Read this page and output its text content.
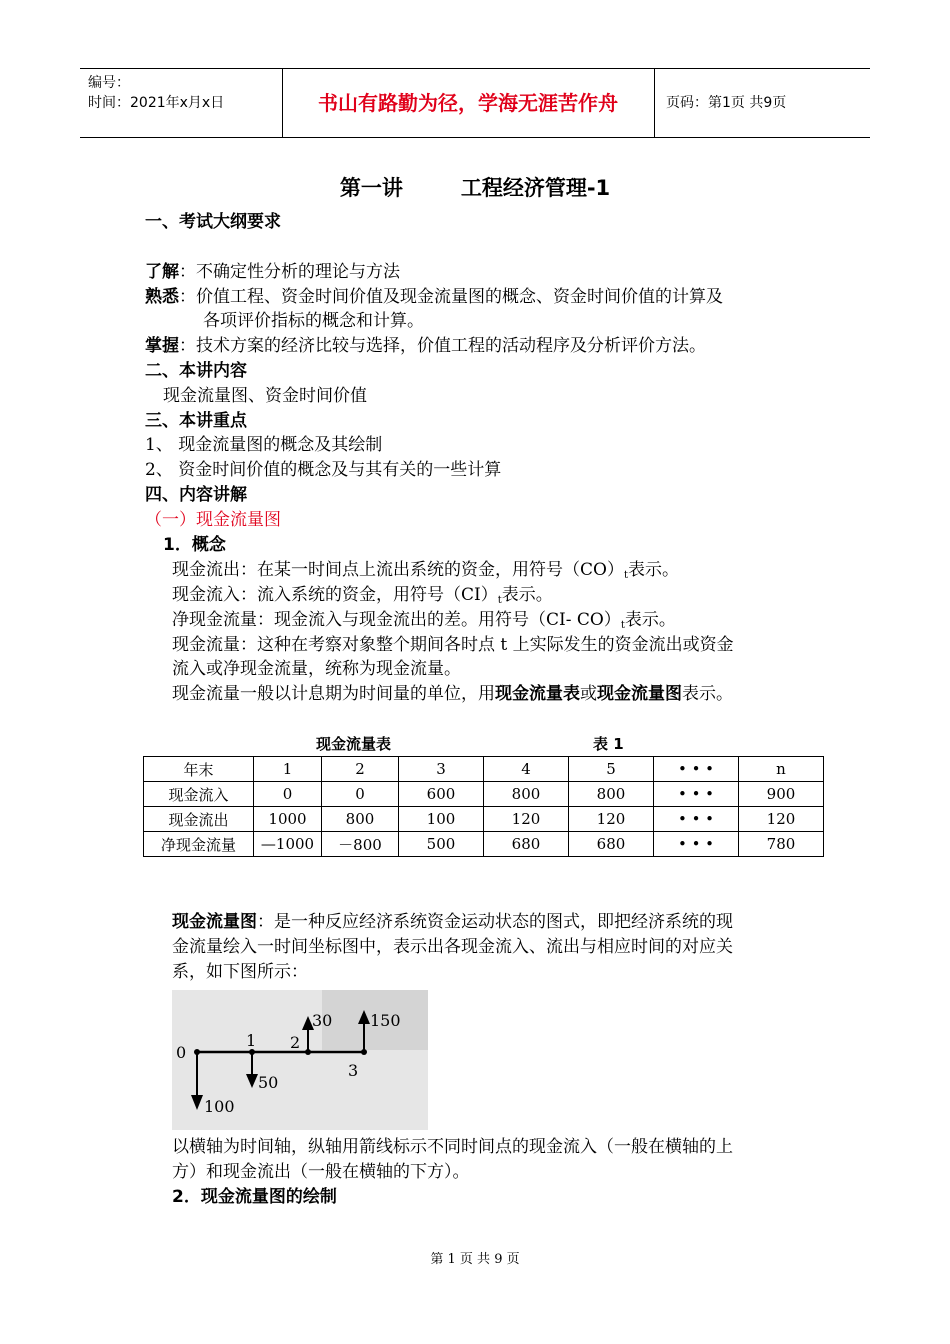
编号：
时间：2021年x月x日	书山有路勤为径，学海无涯苦作舟	页码：第1页 共9页
第一讲	工程经济管理-1
一、考试大纲要求
了解：不确定性分析的理论与方法
熟悉：价值工程、资金时间价值及现金流量图的概念、资金时间价值的计算及
各项评价指标的概念和计算。
掌握：技术方案的经济比较与选择，价值工程的活动程序及分析评价方法。
二、本讲内容
现金流量图、资金时间价值
三、本讲重点
1、 现金流量图的概念及其绘制
2、 资金时间价值的概念及与其有关的一些计算
四、内容讲解
（一）现金流量图
1．概念
现金流出：在某一时间点上流出系统的资金，用符号$(CO)_t$表示。
现金流入：流入系统的资金，用符号$(CI)_t$表示。
净现金流量：现金流入与现金流出的差。用符号（CI- $CO)_t$表示。
现金流量：这种在考察对象整个期间各时点 t 上实际发生的资金流出或资金
流入或净现金流量，统称为现金流量。
现金流量一般以计息期为时间量的单位，用现金流量表或现金流量图表示。
现金流量表	表 1
年末	1	2	3	4	5	• • •	n
现金流入	0	0	600	800	800	• • •	900
现金流出	1000	800	100	120	120	• • •	120
净现金流量	—1000	－800	500	680	680	• • •	780
现金流量图：是一种反应经济系统资金运动状态的图式，即把经济系统的现
金流量绘入一时间坐标图中，表示出各现金流入、流出与相应时间的对应关
系，如下图所示：
0
1 2
3
100
50
30 150
以横轴为时间轴，纵轴用箭线标示不同时间点的现金流入（一般在横轴的上
方）和现金流出（一般在横轴的下方）。
2．现金流量图的绘制
第 1 页 共 9 页
